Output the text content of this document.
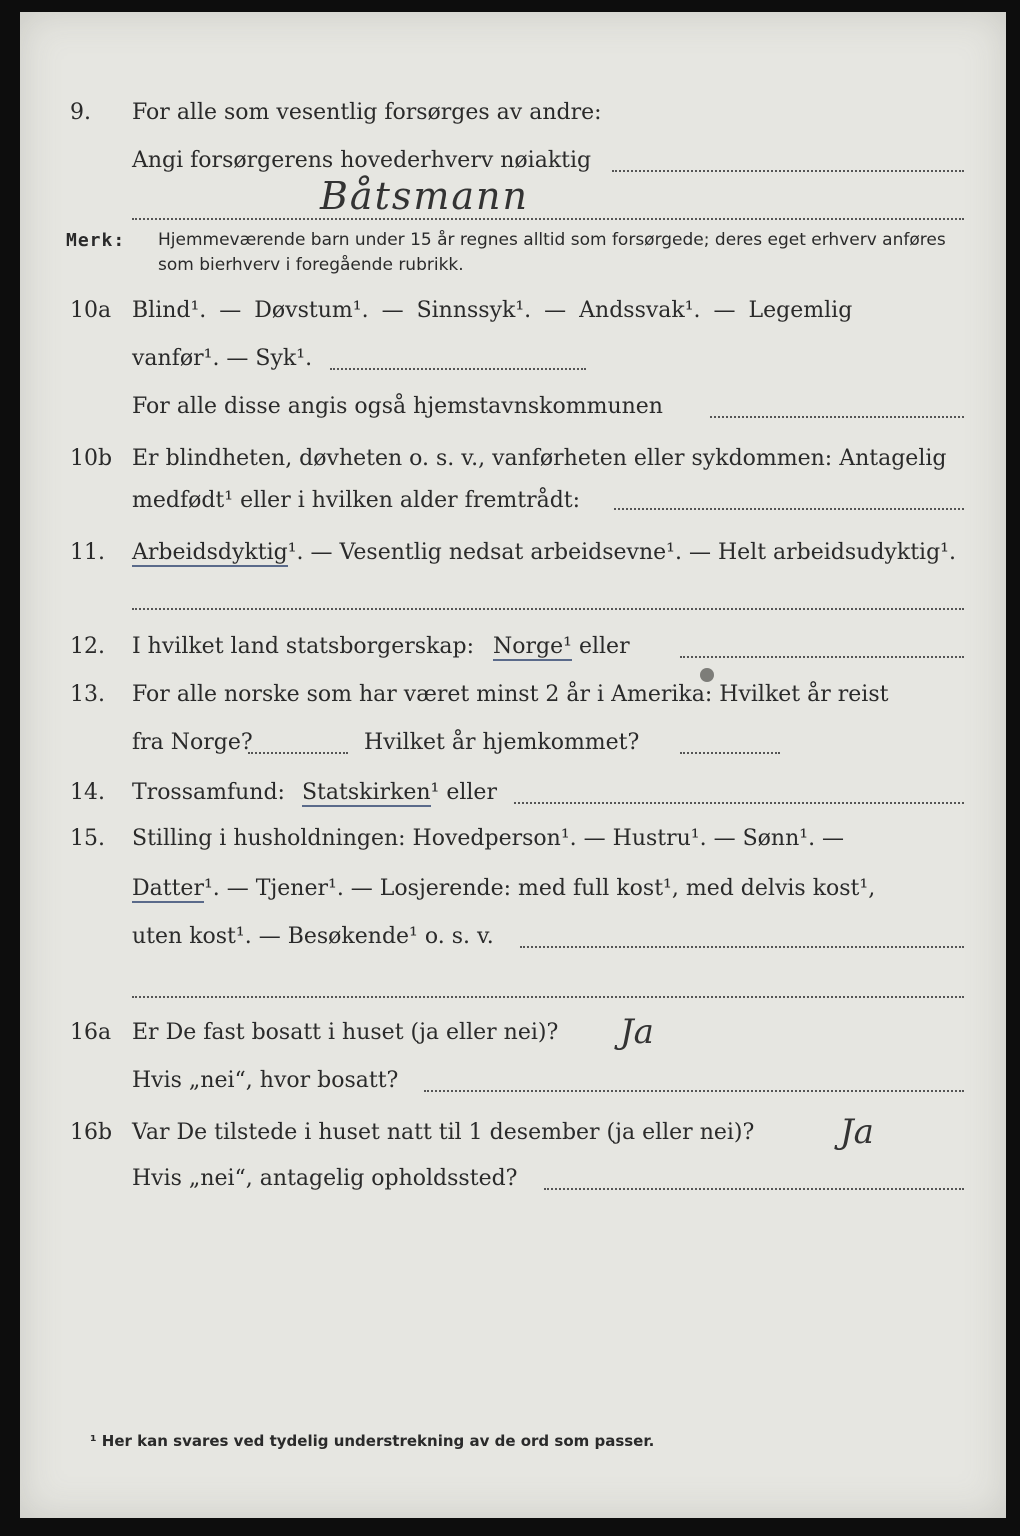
9. For alle som vesentlig forsørges av andre:
Angi forsørgerens hovederhverv nøiaktig
Båtsmann
Merk: Hjemmeværende barn under 15 år regnes alltid som forsørgede; deres eget erhverv anføres som bierhverv i foregående rubrikk.
10a Blind¹. — Døvstum¹. — Sinnssyk¹. — Andssvak¹. — Legemlig
vanfør¹. — Syk¹.
For alle disse angis også hjemstavnskommunen
10b Er blindheten, døvheten o. s. v., vanførheten eller sykdommen: Antagelig
medfødt¹ eller i hvilken alder fremtrådt:
11. Arbeidsdyktig¹. — Vesentlig nedsat arbeidsevne¹. — Helt arbeidsudyktig¹.
12. I hvilket land statsborgerskap: Norge¹ eller
13. For alle norske som har været minst 2 år i Amerika: Hvilket år reist
fra Norge?	Hvilket år hjemkommet?
14. Trossamfund: Statskirken¹ eller
15. Stilling i husholdningen: Hovedperson¹. — Hustru¹. — Sønn¹. —
Datter¹. — Tjener¹. — Losjerende: med full kost¹, med delvis kost¹,
uten kost¹. — Besøkende¹ o. s. v.
16a Er De fast bosatt i huset (ja eller nei)? Ja
Hvis „nei“, hvor bosatt?
16b Var De tilstede i huset natt til 1 desember (ja eller nei)?	Ja
Hvis „nei“, antagelig opholdssted?
¹ Her kan svares ved tydelig understrekning av de ord som passer.
